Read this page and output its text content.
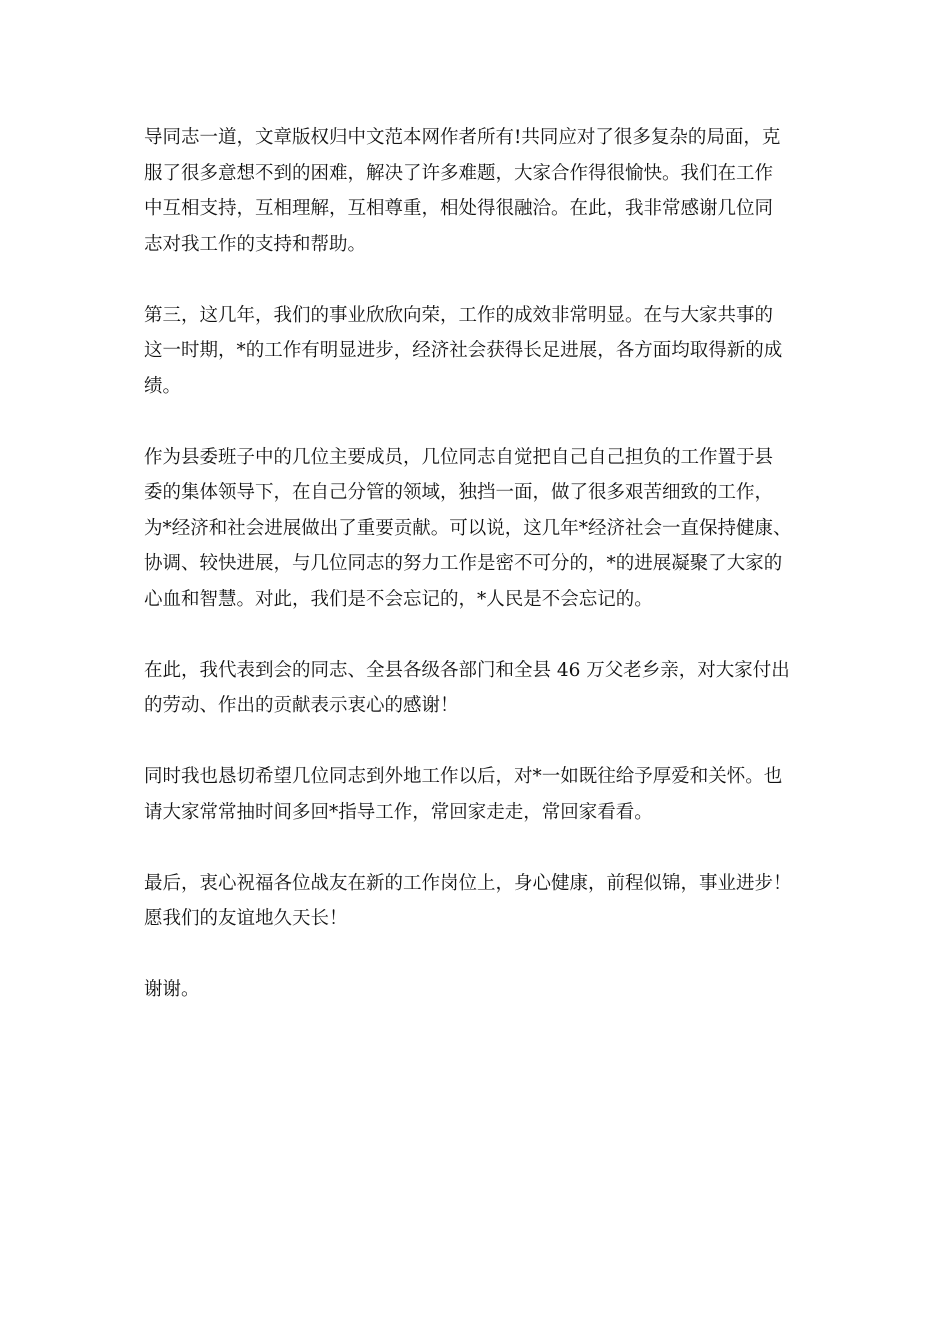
导同志一道，文章版权归中文范本网作者所有!共同应对了很多复杂的局面，克
服了很多意想不到的困难，解决了许多难题，大家合作得很愉快。我们在工作
中互相支持，互相理解，互相尊重，相处得很融洽。在此，我非常感谢几位同
志对我工作的支持和帮助。
第三，这几年，我们的事业欣欣向荣，工作的成效非常明显。在与大家共事的
这一时期，*的工作有明显进步，经济社会获得长足进展，各方面均取得新的成
绩。
作为县委班子中的几位主要成员，几位同志自觉把自己自己担负的工作置于县
委的集体领导下，在自己分管的领域，独挡一面，做了很多艰苦细致的工作，
为*经济和社会进展做出了重要贡献。可以说，这几年*经济社会一直保持健康、
协调、较快进展，与几位同志的努力工作是密不可分的，*的进展凝聚了大家的
心血和智慧。对此，我们是不会忘记的，*人民是不会忘记的。
在此，我代表到会的同志、全县各级各部门和全县 46 万父老乡亲，对大家付出
的劳动、作出的贡献表示衷心的感谢！
同时我也恳切希望几位同志到外地工作以后，对*一如既往给予厚爱和关怀。也
请大家常常抽时间多回*指导工作，常回家走走，常回家看看。
最后，衷心祝福各位战友在新的工作岗位上，身心健康，前程似锦，事业进步！
愿我们的友谊地久天长！
谢谢。
